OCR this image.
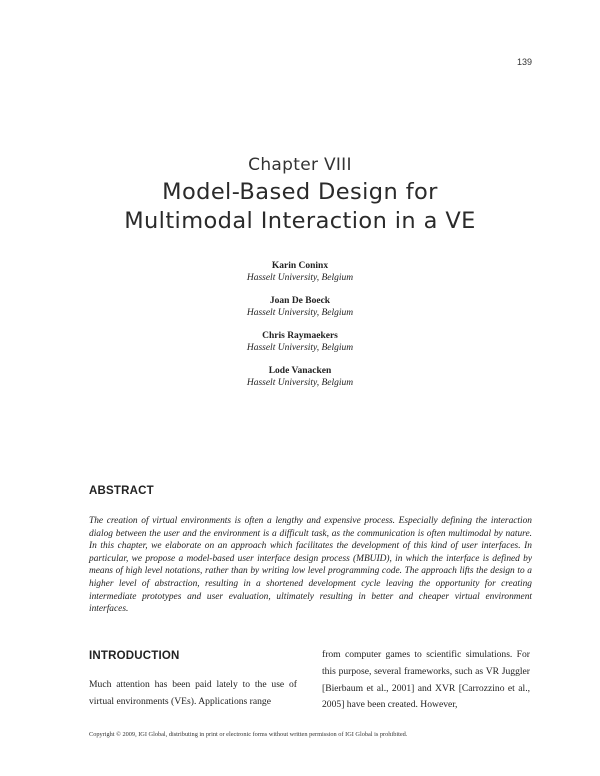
139
Chapter VIII
Model-Based Design for
Multimodal Interaction in a VE
Karin Coninx
Hasselt University, Belgium
Joan De Boeck
Hasselt University, Belgium
Chris Raymaekers
Hasselt University, Belgium
Lode Vanacken
Hasselt University, Belgium
ABSTRACT

The creation of virtual environments is often a lengthy and expensive process. Especially defining the interaction dialog between the user and the environment is a difficult task, as the communication is often multimodal by nature. In this chapter, we elaborate on an approach which facilitates the development of this kind of user interfaces. In particular, we propose a model-based user interface design process (MBUID), in which the interface is defined by means of high level notations, rather than by writing low level programming code. The approach lifts the design to a higher level of abstraction, resulting in a shortened development cycle leaving the opportunity for creating intermediate prototypes and user evaluation, ultimately resulting in better and cheaper virtual environment interfaces.

INTRODUCTION

Much attention has been paid lately to the use of virtual environments (VEs). Applications range

from computer games to scientific simulations. For this purpose, several frameworks, such as VR Juggler [Bierbaum et al., 2001] and XVR [Carrozzino et al., 2005] have been created. However,

Copyright © 2009, IGI Global, distributing in print or electronic forms without written permission of IGI Global is prohibited.
